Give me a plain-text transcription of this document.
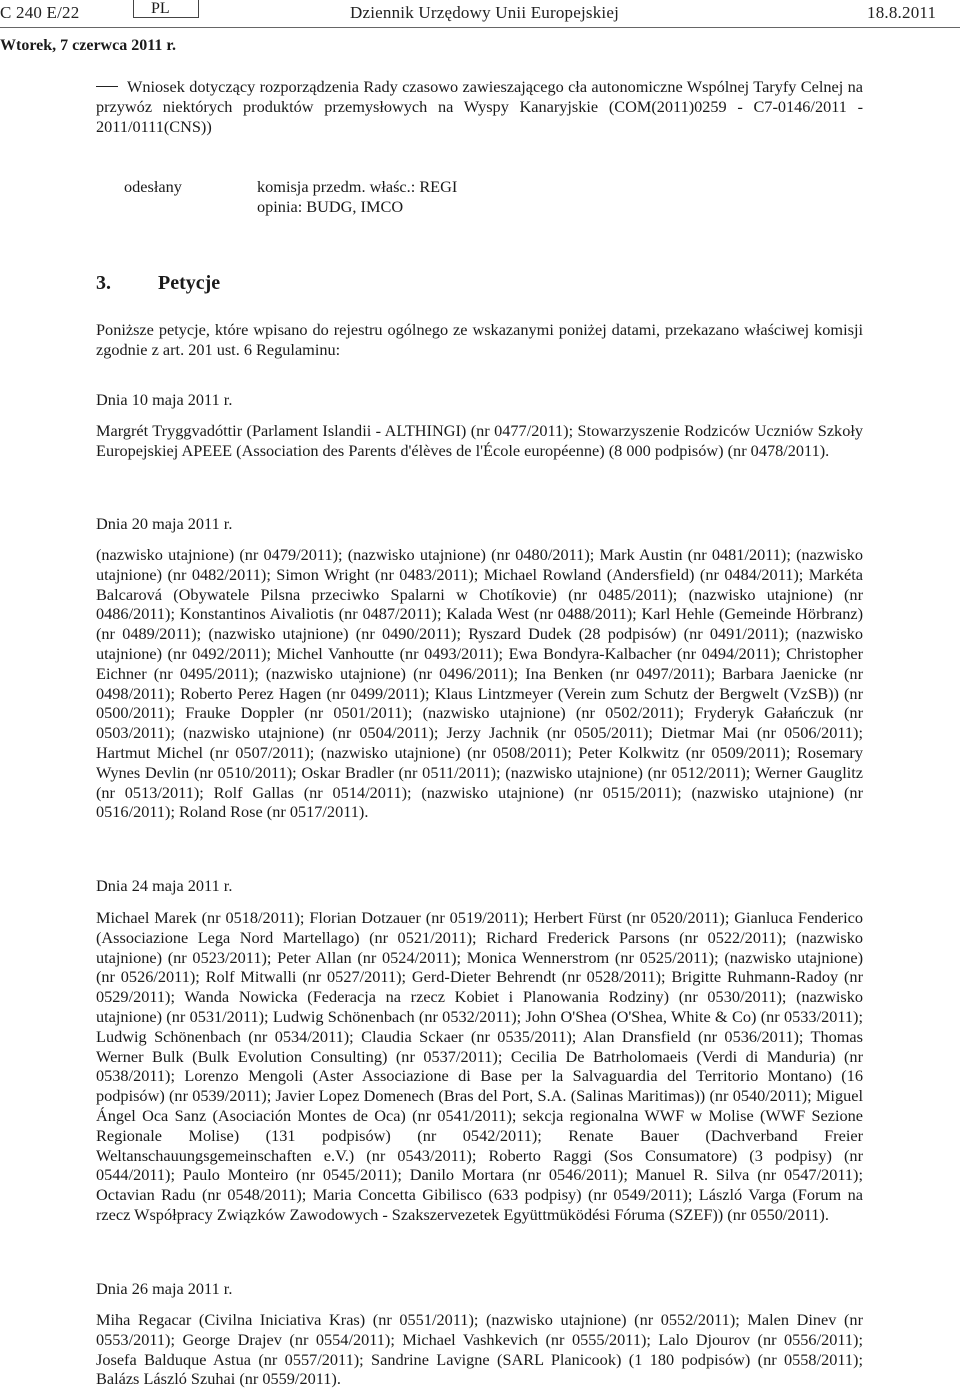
C 240 E/22	PL	Dziennik Urzędowy Unii Europejskiej	18.8.2011
Wtorek, 7 czerwca 2011 r.

Wniosek dotyczący rozporządzenia Rady czasowo zawieszającego cła autonomiczne Wspólnej Taryfy Celnej na przywóz niektórych produktów przemysłowych na Wyspy Kanaryjskie (COM(2011)0259 - C7-0146/2011 - 2011/0111(CNS))

odesłany	komisja przedm. właśc.: REGI
opinia: BUDG, IMCO
3. Petycje

Poniższe petycje, które wpisano do rejestru ogólnego ze wskazanymi poniżej datami, przekazano właściwej komisji zgodnie z art. 201 ust. 6 Regulaminu:

Dnia 10 maja 2011 r.

Margrét Tryggvadóttir (Parlament Islandii - ALTHINGI) (nr 0477/2011); Stowarzyszenie Rodziców Uczniów Szkoły Europejskiej APEEE (Association des Parents d'élèves de l'École européenne) (8 000 podpisów) (nr 0478/2011).

Dnia 20 maja 2011 r.

(nazwisko utajnione) (nr 0479/2011); (nazwisko utajnione) (nr 0480/2011); Mark Austin (nr 0481/2011); (nazwisko utajnione) (nr 0482/2011); Simon Wright (nr 0483/2011); Michael Rowland (Andersfield) (nr 0484/2011); Markéta Balcarová (Obywatele Pilsna przeciwko Spalarni w Chotíkovie) (nr 0485/2011); (nazwisko utajnione) (nr 0486/2011); Konstantinos Aivaliotis (nr 0487/2011); Kalada West (nr 0488/2011); Karl Hehle (Gemeinde Hörbranz) (nr 0489/2011); (nazwisko utajnione) (nr 0490/2011); Ryszard Dudek (28 podpisów) (nr 0491/2011); (nazwisko utajnione) (nr 0492/2011); Michel Vanhoutte (nr 0493/2011); Ewa Bondyra-Kalbacher (nr 0494/2011); Christopher Eichner (nr 0495/2011); (nazwisko utajnione) (nr 0496/2011); Ina Benken (nr 0497/2011); Barbara Jaenicke (nr 0498/2011); Roberto Perez Hagen (nr 0499/2011); Klaus Lintzmeyer (Verein zum Schutz der Bergwelt (VzSB)) (nr 0500/2011); Frauke Doppler (nr 0501/2011); (nazwisko utajnione) (nr 0502/2011); Fryderyk Gałańczuk (nr 0503/2011); (nazwisko utajnione) (nr 0504/2011); Jerzy Jachnik (nr 0505/2011); Dietmar Mai (nr 0506/2011); Hartmut Michel (nr 0507/2011); (nazwisko utajnione) (nr 0508/2011); Peter Kolkwitz (nr 0509/2011); Rosemary Wynes Devlin (nr 0510/2011); Oskar Bradler (nr 0511/2011); (nazwisko utajnione) (nr 0512/2011); Werner Gauglitz (nr 0513/2011); Rolf Gallas (nr 0514/2011); (nazwisko utajnione) (nr 0515/2011); (nazwisko utajnione) (nr 0516/2011); Roland Rose (nr 0517/2011).

Dnia 24 maja 2011 r.

Michael Marek (nr 0518/2011); Florian Dotzauer (nr 0519/2011); Herbert Fürst (nr 0520/2011); Gianluca Fenderico (Associazione Lega Nord Martellago) (nr 0521/2011); Richard Frederick Parsons (nr 0522/2011); (nazwisko utajnione) (nr 0523/2011); Peter Allan (nr 0524/2011); Monica Wennerstrom (nr 0525/2011); (nazwisko utajnione) (nr 0526/2011); Rolf Mitwalli (nr 0527/2011); Gerd-Dieter Behrendt (nr 0528/2011); Brigitte Ruhmann-Radoy (nr 0529/2011); Wanda Nowicka (Federacja na rzecz Kobiet i Planowania Rodziny) (nr 0530/2011); (nazwisko utajnione) (nr 0531/2011); Ludwig Schönenbach (nr 0532/2011); John O'Shea (O'Shea, White & Co) (nr 0533/2011); Ludwig Schönenbach (nr 0534/2011); Claudia Sckaer (nr 0535/2011); Alan Dransfield (nr 0536/2011); Thomas Werner Bulk (Bulk Evolution Consulting) (nr 0537/2011); Cecilia De Batrholomaeis (Verdi di Manduria) (nr 0538/2011); Lorenzo Mengoli (Aster Associazione di Base per la Salvaguardia del Territorio Montano) (16 podpisów) (nr 0539/2011); Javier Lopez Domenech (Bras del Port, S.A. (Salinas Maritimas)) (nr 0540/2011); Miguel Ángel Oca Sanz (Asociación Montes de Oca) (nr 0541/2011); sekcja regionalna WWF w Molise (WWF Sezione Regionale Molise) (131 podpisów) (nr 0542/2011); Renate Bauer (Dachverband Freier Weltanschauungsgemeinschaften e.V.) (nr 0543/2011); Roberto Raggi (Sos Consumatore) (3 podpisy) (nr 0544/2011); Paulo Monteiro (nr 0545/2011); Danilo Mortara (nr 0546/2011); Manuel R. Silva (nr 0547/2011); Octavian Radu (nr 0548/2011); Maria Concetta Gibilisco (633 podpisy) (nr 0549/2011); László Varga (Forum na rzecz Współpracy Związków Zawodowych - Szakszervezetek Együttmüködési Fóruma (SZEF)) (nr 0550/2011).

Dnia 26 maja 2011 r.

Miha Regacar (Civilna Iniciativa Kras) (nr 0551/2011); (nazwisko utajnione) (nr 0552/2011); Malen Dinev (nr 0553/2011); George Drajev (nr 0554/2011); Michael Vashkevich (nr 0555/2011); Lalo Djourov (nr 0556/2011); Josefa Balduque Astua (nr 0557/2011); Sandrine Lavigne (SARL Planicook) (1 180 podpisów) (nr 0558/2011); Balázs László Szuhai (nr 0559/2011).
